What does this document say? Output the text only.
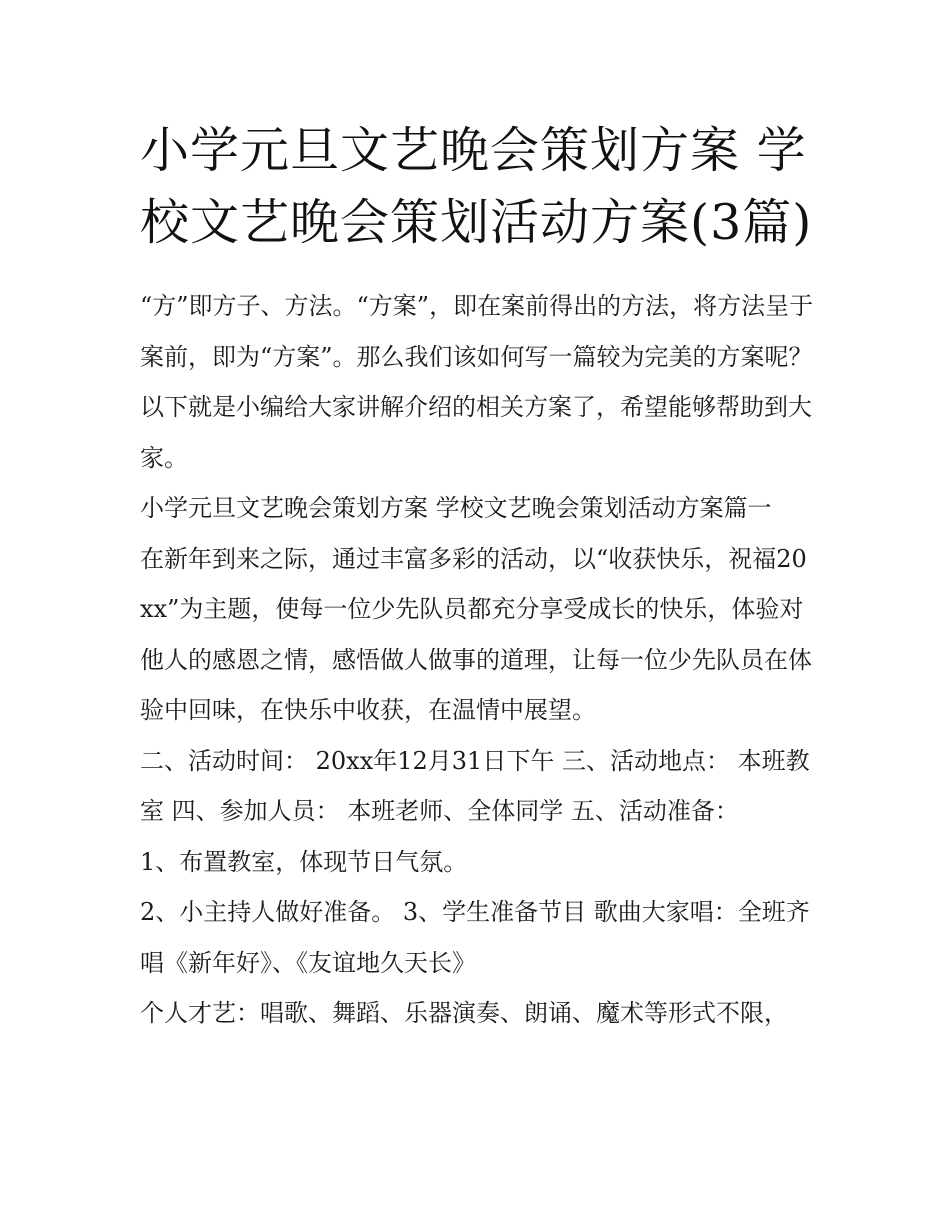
小学元旦文艺晚会策划方案 学校文艺晚会策划活动方案(3篇)

“方”即方子、方法。“方案”，即在案前得出的方法，将方法呈于案前，即为“方案”。那么我们该如何写一篇较为完美的方案呢？以下就是小编给大家讲解介绍的相关方案了，希望能够帮助到大家。

小学元旦文艺晚会策划方案 学校文艺晚会策划活动方案篇一

在新年到来之际，通过丰富多彩的活动，以“收获快乐，祝福20xx”为主题，使每一位少先队员都充分享受成长的快乐，体验对他人的感恩之情，感悟做人做事的道理，让每一位少先队员在体验中回味，在快乐中收获，在温情中展望。

二、活动时间： 20xx年12月31日下午 三、活动地点： 本班教室 四、参加人员： 本班老师、全体同学 五、活动准备：

1、布置教室，体现节日气氛。

2、小主持人做好准备。 3、学生准备节目 歌曲大家唱：全班齐唱《新年好》、《友谊地久天长》

个人才艺：唱歌、舞蹈、乐器演奏、朗诵、魔术等形式不限，
